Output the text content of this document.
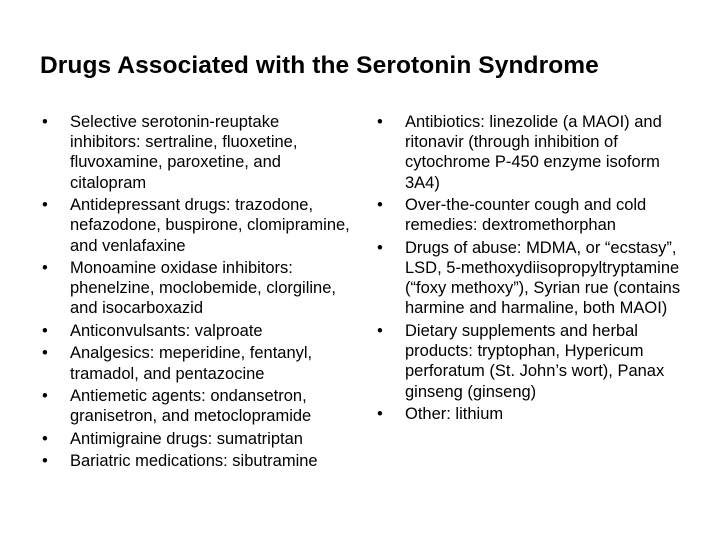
Drugs Associated with the Serotonin Syndrome
• Selective serotonin-reuptake inhibitors: sertraline, fluoxetine, fluvoxamine, paroxetine, and citalopram
• Antidepressant drugs: trazodone, nefazodone, buspirone, clomipramine, and venlafaxine
• Monoamine oxidase inhibitors: phenelzine, moclobemide, clorgiline, and isocarboxazid
• Anticonvulsants: valproate
• Analgesics: meperidine, fentanyl, tramadol, and pentazocine
• Antiemetic agents: ondansetron, granisetron, and metoclopramide
• Antimigraine drugs: sumatriptan
• Bariatric medications: sibutramine
• Antibiotics: linezolide (a MAOI) and ritonavir (through inhibition of cytochrome P-450 enzyme isoform 3A4)
• Over-the-counter cough and cold remedies: dextromethorphan
• Drugs of abuse: MDMA, or “ecstasy”, LSD, 5-methoxydiisopropyltryptamine (“foxy methoxy”), Syrian rue (contains harmine and harmaline, both MAOI)
• Dietary supplements and herbal products: tryptophan, Hypericum perforatum (St. John’s wort), Panax ginseng (ginseng)
• Other: lithium
